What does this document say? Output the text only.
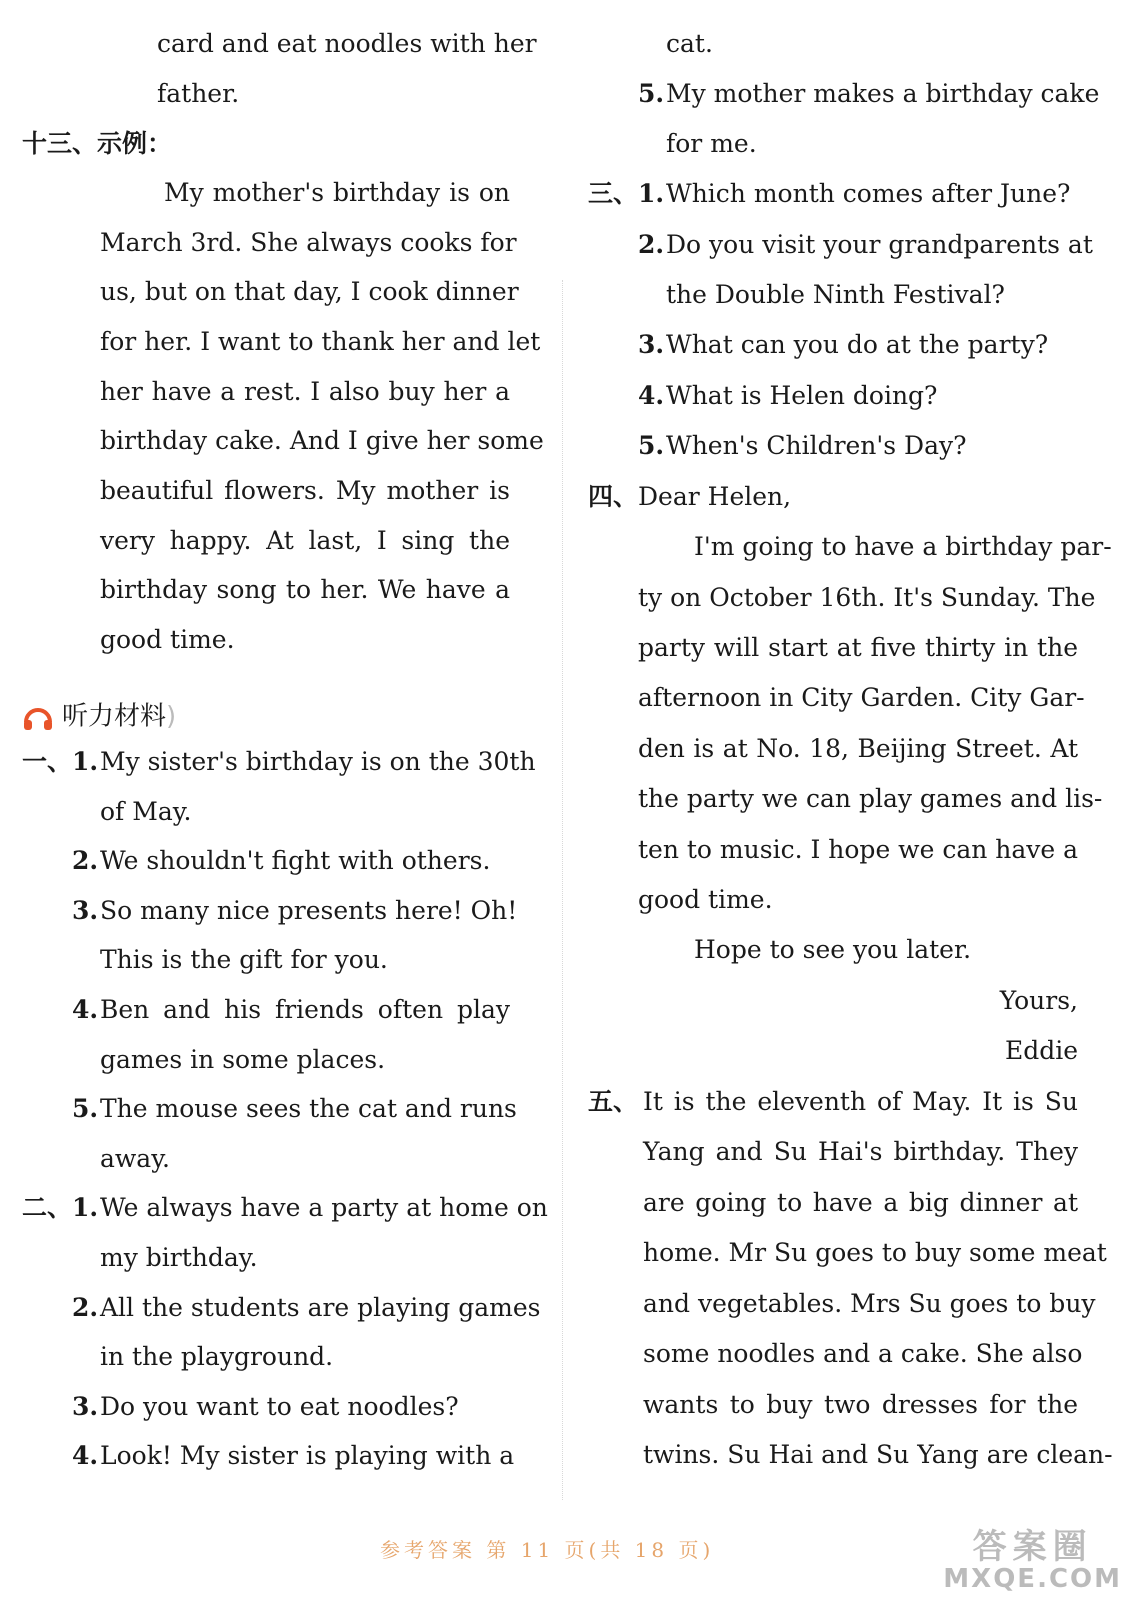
card and eat noodles with her
father.
十三、示例：
My mother's birthday is on
March 3rd. She always cooks for
us, but on that day, I cook dinner
for her. I want to thank her and let
her have a rest. I also buy her a
birthday cake. And I give her some
beautiful flowers. My mother is
very happy. At last, I sing the
birthday song to her. We have a
good time.
听力材料)
一、 1. My sister's birthday is on the 30th
of May.
2. We shouldn't fight with others.
3. So many nice presents here! Oh!
This is the gift for you.
4. Ben and his friends often play
games in some places.
5. The mouse sees the cat and runs
away.
二、 1. We always have a party at home on
my birthday.
2. All the students are playing games
in the playground.
3. Do you want to eat noodles?
4. Look! My sister is playing with a
cat.
5. My mother makes a birthday cake
for me.
三、 1. Which month comes after June?
2. Do you visit your grandparents at
the Double Ninth Festival?
3. What can you do at the party?
4. What is Helen doing?
5. When's Children's Day?
四、 Dear Helen,
I'm going to have a birthday par-
ty on October 16th. It's Sunday. The
party will start at five thirty in the
afternoon in City Garden. City Gar-
den is at No. 18, Beijing Street. At
the party we can play games and lis-
ten to music. I hope we can have a
good time.
Hope to see you later.
Yours,
Eddie
五、 It is the eleventh of May. It is Su
Yang and Su Hai's birthday. They
are going to have a big dinner at
home. Mr Su goes to buy some meat
and vegetables. Mrs Su goes to buy
some noodles and a cake. She also
wants to buy two dresses for the
twins. Su Hai and Su Yang are clean-
参考答案 第 11 页(共 18 页)	答案圈
MXQE.COM
